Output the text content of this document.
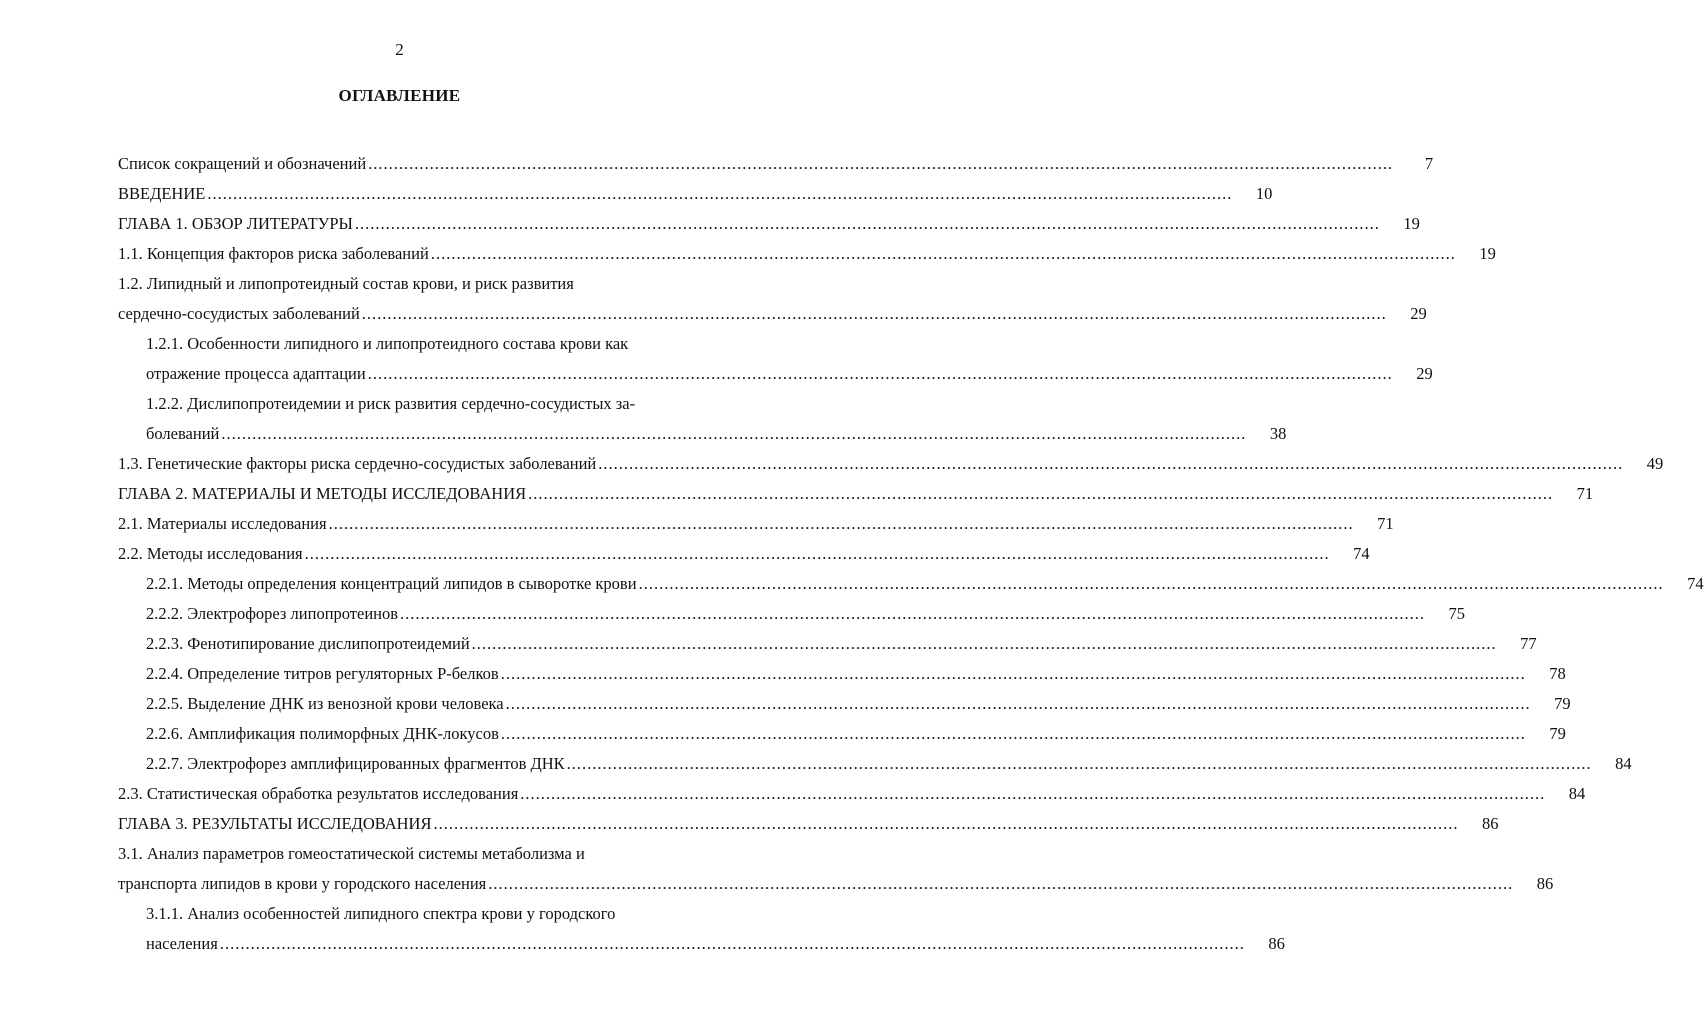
2
ОГЛАВЛЕНИЕ
Список сокращений и обозначений ........................................................................................................................................................................................................	7
ВВЕДЕНИЕ ........................................................................................................................................................................................................	10
ГЛАВА 1. ОБЗОР ЛИТЕРАТУРЫ ........................................................................................................................................................................................................	19
1.1. Концепция факторов риска заболеваний ........................................................................................................................................................................................................	19
1.2. Липидный и липопротеидный состав крови, и риск развития
сердечно-сосудистых заболеваний ........................................................................................................................................................................................................	29
1.2.1. Особенности липидного и липопротеидного состава крови как
отражение процесса адаптации ........................................................................................................................................................................................................	29
1.2.2. Дислипопротеидемии и риск развития сердечно-сосудистых за-
болеваний ........................................................................................................................................................................................................	38
1.3. Генетические факторы риска сердечно-сосудистых заболеваний ........................................................................................................................................................................................................	49
ГЛАВА 2. МАТЕРИАЛЫ И МЕТОДЫ ИССЛЕДОВАНИЯ ........................................................................................................................................................................................................	71
2.1. Материалы исследования ........................................................................................................................................................................................................	71
2.2. Методы исследования ........................................................................................................................................................................................................	74
2.2.1. Методы определения концентраций липидов в сыворотке крови ........................................................................................................................................................................................................	74
2.2.2. Электрофорез липопротеинов ........................................................................................................................................................................................................	75
2.2.3. Фенотипирование дислипопротеидемий ........................................................................................................................................................................................................	77
2.2.4. Определение титров регуляторных Р-белков ........................................................................................................................................................................................................	78
2.2.5. Выделение ДНК из венозной крови человека ........................................................................................................................................................................................................	79
2.2.6. Амплификация полиморфных ДНК-локусов ........................................................................................................................................................................................................	79
2.2.7. Электрофорез амплифицированных фрагментов ДНК ........................................................................................................................................................................................................	84
2.3. Статистическая обработка результатов исследования ........................................................................................................................................................................................................	84
ГЛАВА 3. РЕЗУЛЬТАТЫ ИССЛЕДОВАНИЯ ........................................................................................................................................................................................................	86
3.1. Анализ параметров гомеостатической системы метаболизма и
транспорта липидов в крови у городского населения ........................................................................................................................................................................................................	86
3.1.1. Анализ особенностей липидного спектра крови у городского
населения ........................................................................................................................................................................................................	86
